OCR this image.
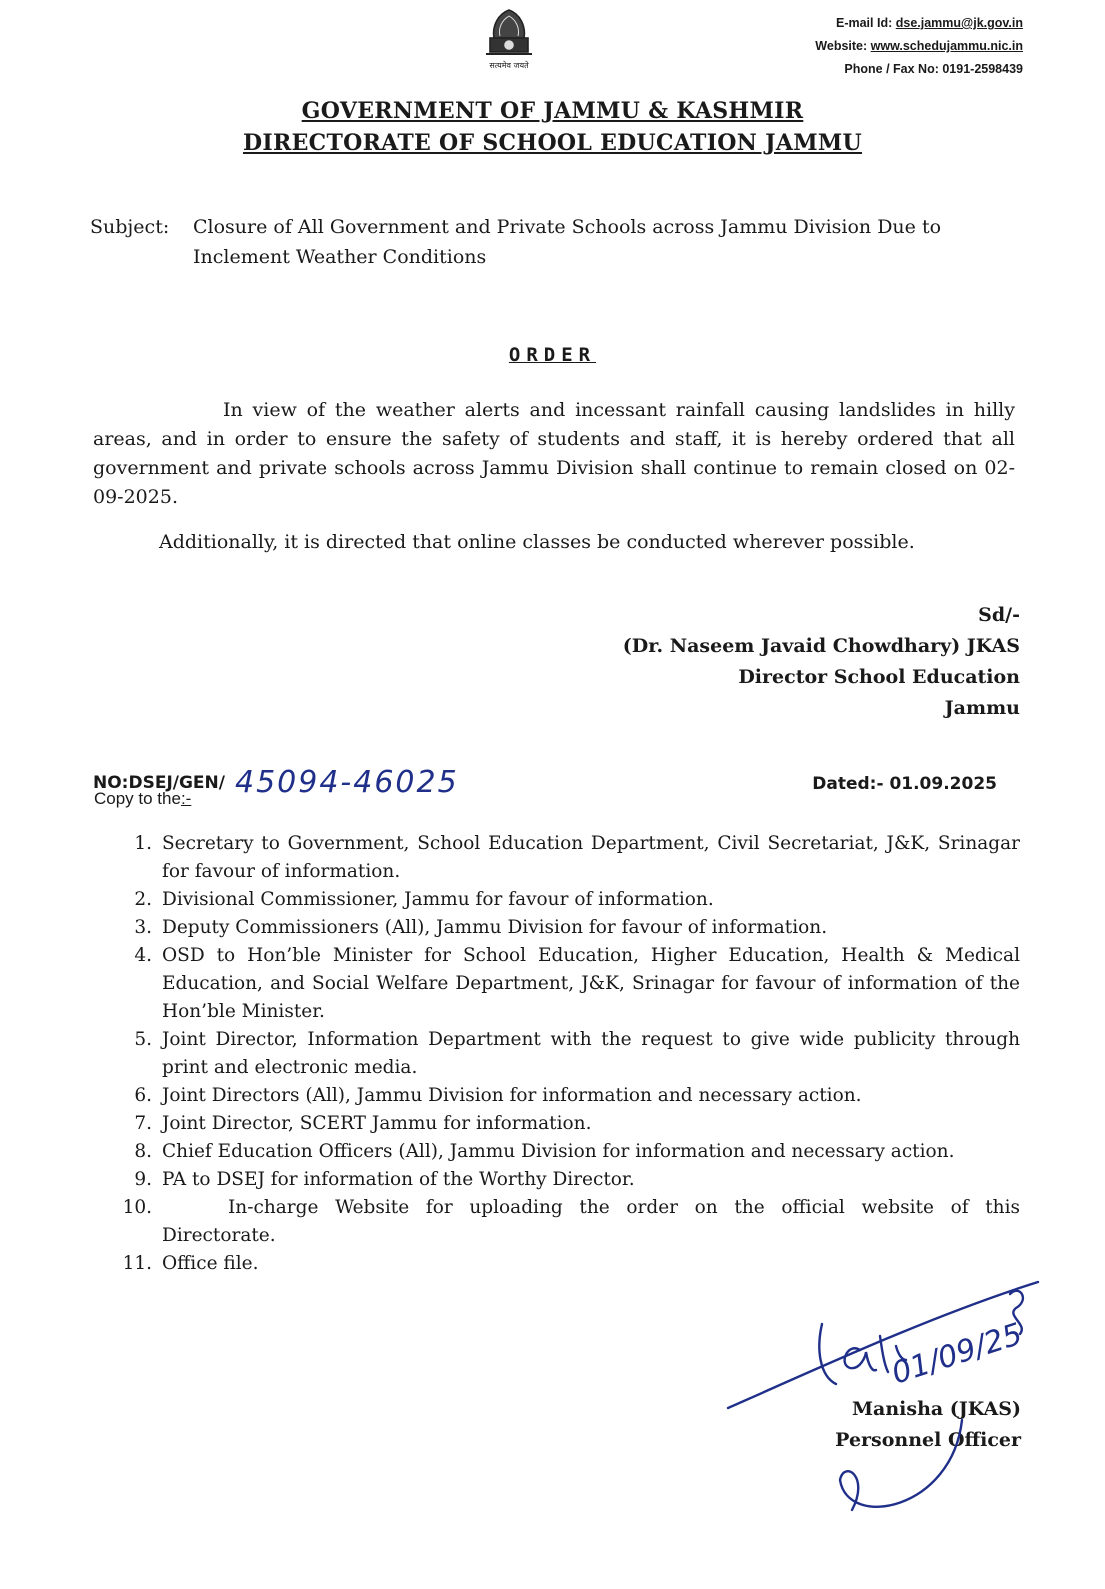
सत्यमेव जयते
E-mail Id: dse.jammu@jk.gov.in
Website: www.schedujammu.nic.in
Phone / Fax No: 0191-2598439
GOVERNMENT OF JAMMU & KASHMIR
DIRECTORATE OF SCHOOL EDUCATION JAMMU
Subject: Closure of All Government and Private Schools across Jammu Division Due to Inclement Weather Conditions
ORDER
In view of the weather alerts and incessant rainfall causing landslides in hilly areas, and in order to ensure the safety of students and staff, it is hereby ordered that all government and private schools across Jammu Division shall continue to remain closed on 02-09-2025.
Additionally, it is directed that online classes be conducted wherever possible.
Sd/-
(Dr. Naseem Javaid Chowdhary) JKAS
Director School Education
Jammu
NO:DSEJ/GEN/ 45094-46025	Dated:- 01.09.2025
Copy to the:-
1. Secretary to Government, School Education Department, Civil Secretariat, J&K, Srinagar for favour of information.
2. Divisional Commissioner, Jammu for favour of information.
3. Deputy Commissioners (All), Jammu Division for favour of information.
4. OSD to Hon’ble Minister for School Education, Higher Education, Health & Medical Education, and Social Welfare Department, J&K, Srinagar for favour of information of the Hon’ble Minister.
5. Joint Director, Information Department with the request to give wide publicity through print and electronic media.
6. Joint Directors (All), Jammu Division for information and necessary action.
7. Joint Director, SCERT Jammu for information.
8. Chief Education Officers (All), Jammu Division for information and necessary action.
9. PA to DSEJ for information of the Worthy Director.
10.	In-charge Website for uploading the order on the official website of this Directorate.
11. Office file.
Manisha (JKAS)
Personnel Officer
01/09/25
